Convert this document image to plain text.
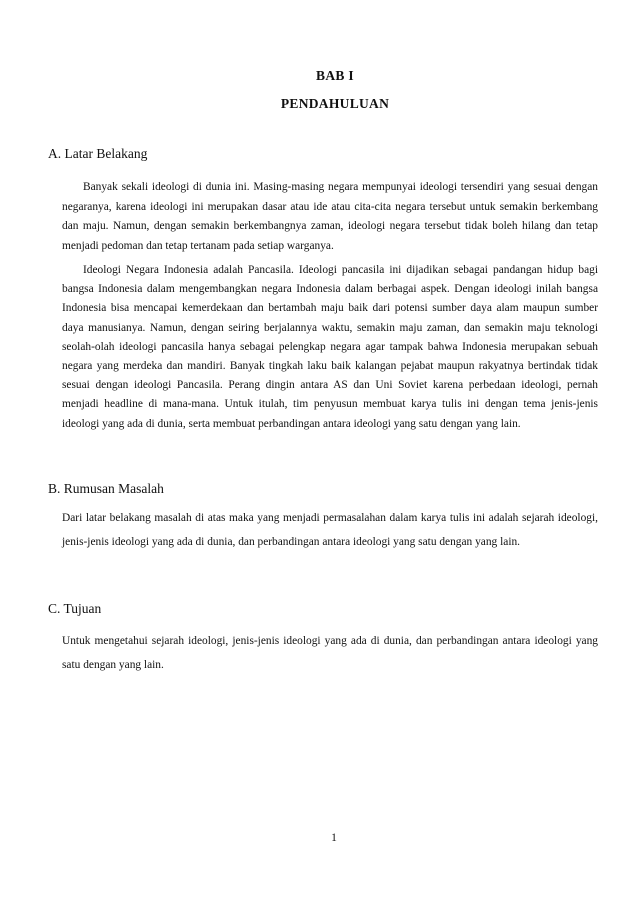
BAB I
PENDAHULUAN
A. Latar Belakang

Banyak sekali ideologi di dunia ini. Masing-masing negara mempunyai ideologi tersendiri yang sesuai dengan negaranya, karena ideologi ini merupakan dasar atau ide atau cita-cita negara tersebut untuk semakin berkembang dan maju. Namun, dengan semakin berkembangnya zaman, ideologi negara tersebut tidak boleh hilang dan tetap menjadi pedoman dan tetap tertanam pada setiap warganya.

Ideologi Negara Indonesia adalah Pancasila. Ideologi pancasila ini dijadikan sebagai pandangan hidup bagi bangsa Indonesia dalam mengembangkan negara Indonesia dalam berbagai aspek. Dengan ideologi inilah bangsa Indonesia bisa mencapai kemerdekaan dan bertambah maju baik dari potensi sumber daya alam maupun sumber daya manusianya. Namun, dengan seiring berjalannya waktu, semakin maju zaman, dan semakin maju teknologi seolah-olah ideologi pancasila hanya sebagai pelengkap negara agar tampak bahwa Indonesia merupakan sebuah negara yang merdeka dan mandiri. Banyak tingkah laku baik kalangan pejabat maupun rakyatnya bertindak tidak sesuai dengan ideologi Pancasila. Perang dingin antara AS dan Uni Soviet karena perbedaan ideologi, pernah menjadi headline di mana-mana. Untuk itulah, tim penyusun membuat karya tulis ini dengan tema jenis-jenis ideologi yang ada di dunia, serta membuat perbandingan antara ideologi yang satu dengan yang lain.

B. Rumusan Masalah

Dari latar belakang masalah di atas maka yang menjadi permasalahan dalam karya tulis ini adalah sejarah ideologi, jenis-jenis ideologi yang ada di dunia, dan perbandingan antara ideologi yang satu dengan yang lain.

C. Tujuan

Untuk mengetahui sejarah ideologi, jenis-jenis ideologi yang ada di dunia, dan perbandingan antara ideologi yang satu dengan yang lain.

1
